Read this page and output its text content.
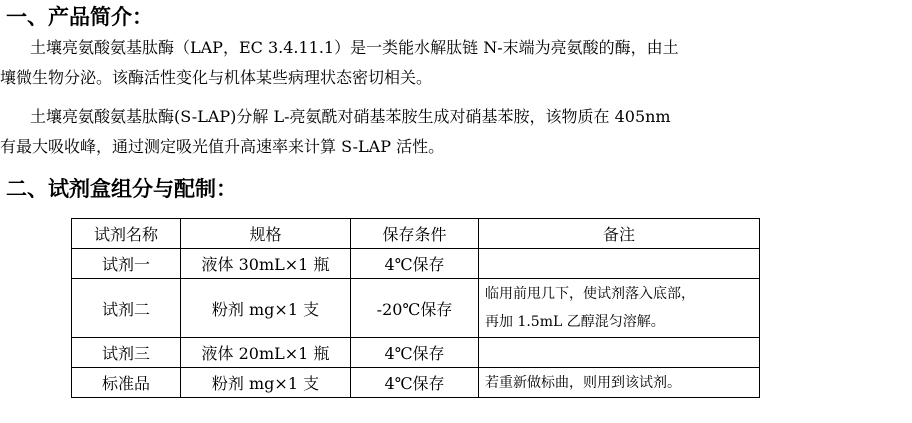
一、产品简介：
土壤亮氨酸氨基肽酶（LAP，EC 3.4.11.1）是一类能水解肽链 N-末端为亮氨酸的酶，由土
壤微生物分泌。该酶活性变化与机体某些病理状态密切相关。
土壤亮氨酸氨基肽酶(S-LAP)分解 L-亮氨酰对硝基苯胺生成对硝基苯胺，该物质在 405nm
有最大吸收峰，通过测定吸光值升高速率来计算 S-LAP 活性。
二、试剂盒组分与配制：
试剂名称	规格	保存条件	备注
试剂一	液体 30mL×1 瓶	4℃保存	
试剂二	粉剂 mg×1 支	-20℃保存	临用前甩几下，使试剂落入底部，
再加 1.5mL 乙醇混匀溶解。

试剂三	液体 20mL×1 瓶	4℃保存	
标准品	粉剂 mg×1 支	4℃保存	若重新做标曲，则用到该试剂。
